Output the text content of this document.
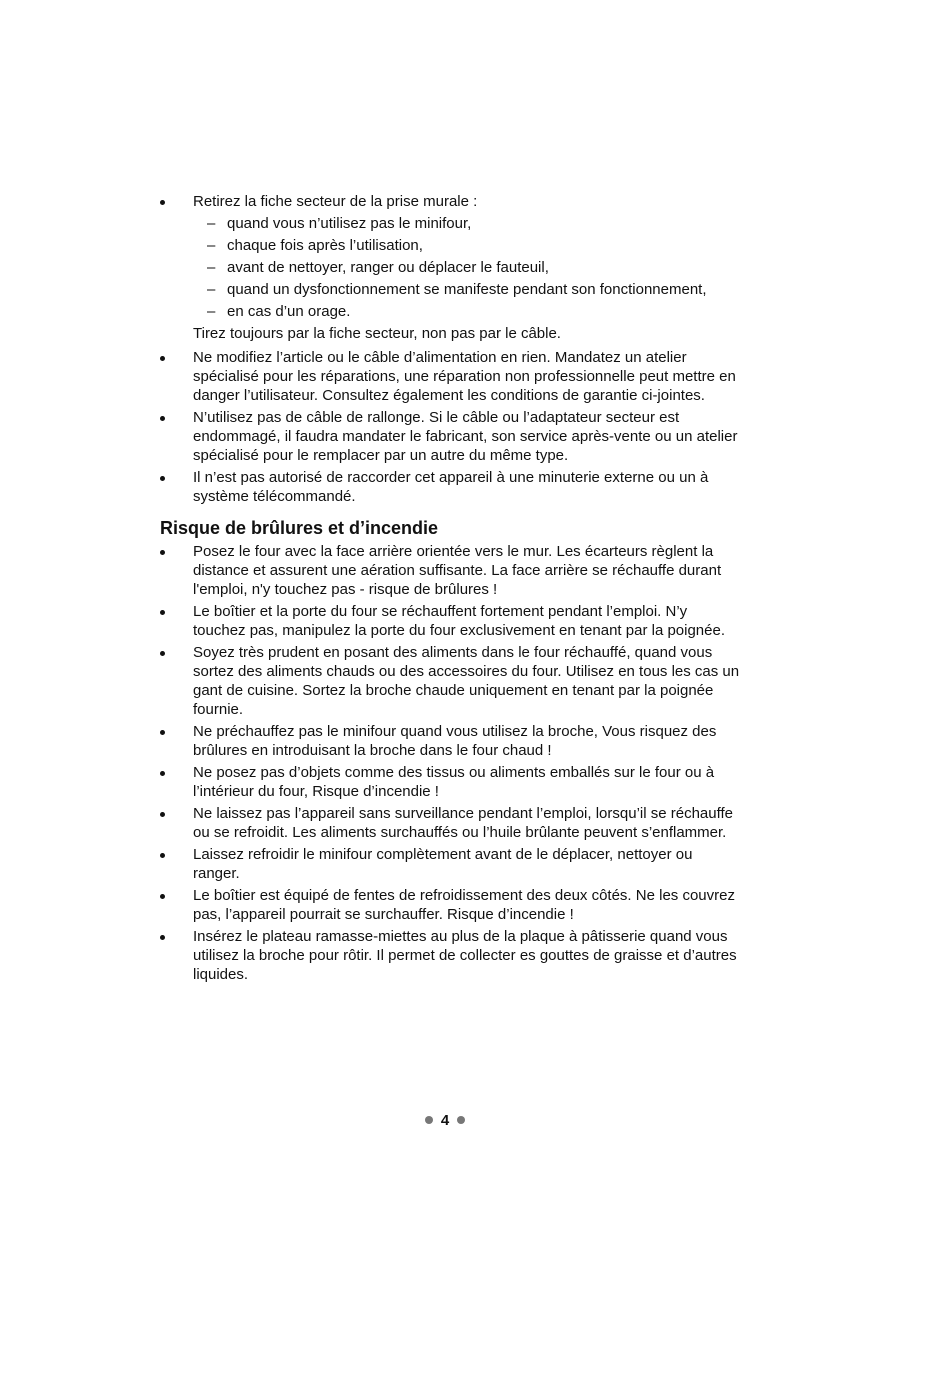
Retirez la fiche secteur de la prise murale :
– quand vous n’utilisez pas le minifour,
– chaque fois après l’utilisation,
– avant de nettoyer, ranger ou déplacer le fauteuil,
– quand un dysfonctionnement se manifeste pendant son fonctionnement,
– en cas d’un orage.
Tirez toujours par la fiche secteur, non pas par le câble.
Ne modifiez l’article ou le câble d’alimentation en rien. Mandatez un atelier spécialisé pour les réparations, une réparation non professionnelle peut mettre en danger l’utilisateur. Consultez également les conditions de garantie ci-jointes.
N’utilisez pas de câble de rallonge. Si le câble ou l’adaptateur secteur est endommagé, il faudra mandater le fabricant, son service après-vente ou un atelier spécialisé pour le remplacer par un autre du même type.
Il n’est pas autorisé de raccorder cet appareil à une minuterie externe ou un à système télécommandé.
Risque de brûlures et d’incendie
Posez le four avec la face arrière orientée vers le mur. Les écarteurs règlent la distance et assurent une aération suffisante. La face arrière se réchauffe durant l'emploi, n'y touchez pas - risque de brûlures !
Le boîtier et la porte du four se réchauffent fortement pendant l’emploi. N’y touchez pas, manipulez la porte du four exclusivement en tenant par la poignée.
Soyez très prudent en posant des aliments dans le four réchauffé, quand vous sortez des aliments chauds ou des accessoires du four. Utilisez en tous les cas un gant de cuisine. Sortez la broche chaude uniquement en tenant par la poignée fournie.
Ne préchauffez pas le minifour quand vous utilisez la broche, Vous risquez des brûlures en introduisant la broche dans le four chaud !
Ne posez pas d’objets comme des tissus ou aliments emballés sur le four ou à l’intérieur du four, Risque d’incendie !
Ne laissez pas l’appareil sans surveillance pendant l’emploi, lorsqu’il se réchauffe ou se refroidit. Les aliments surchauffés ou l’huile brûlante peuvent s’enflammer.
Laissez refroidir le minifour complètement avant de le déplacer, nettoyer ou ranger.
Le boîtier est équipé de fentes de refroidissement des deux côtés. Ne les couvrez pas, l’appareil pourrait se surchauffer. Risque d’incendie !
Insérez le plateau ramasse-miettes au plus de la plaque à pâtisserie quand vous utilisez la broche pour rôtir. Il permet de collecter es gouttes de graisse et d’autres liquides.
4
